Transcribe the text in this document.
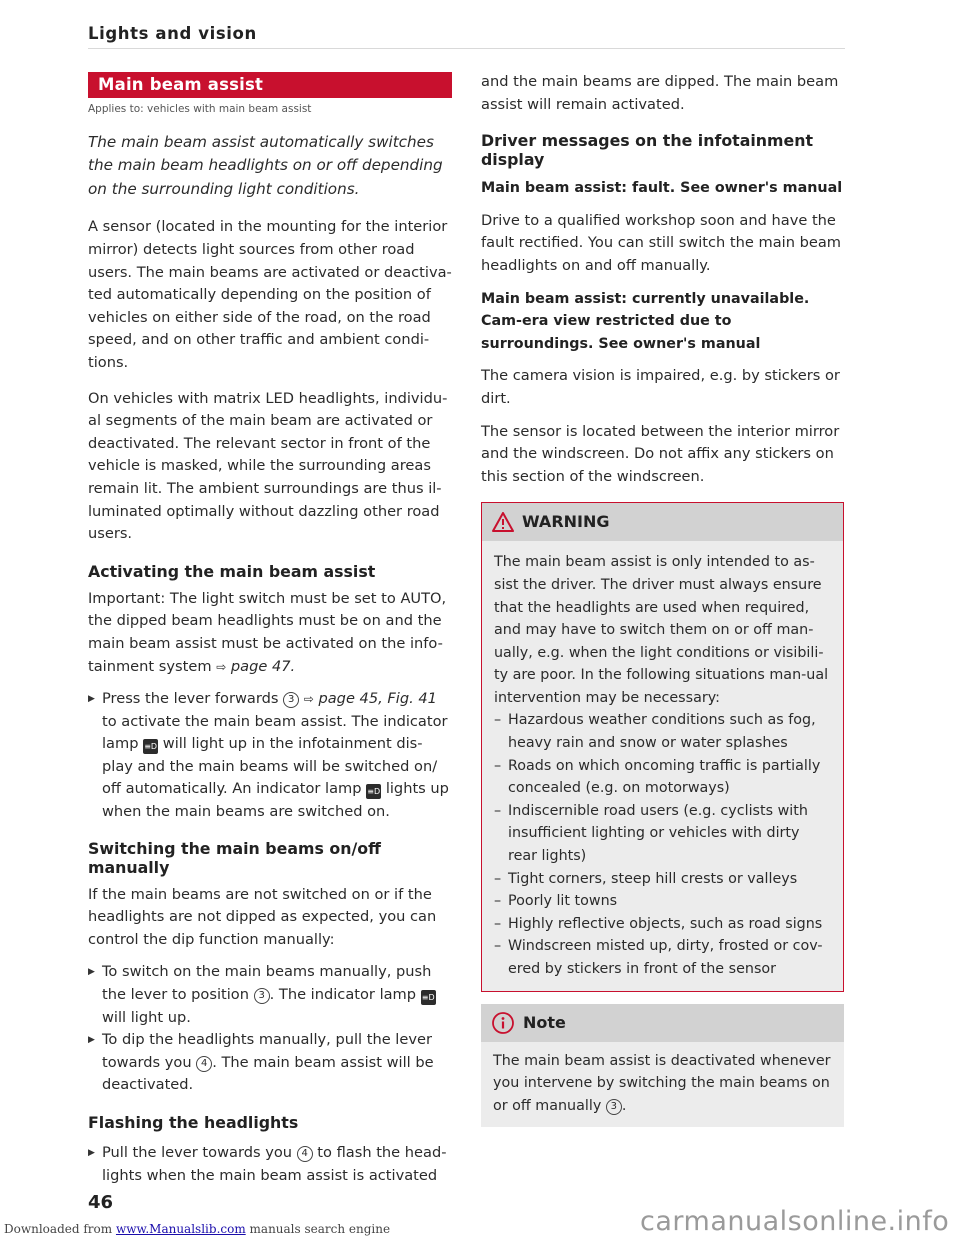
Lights and vision
Main beam assist
Applies to: vehicles with main beam assist

The main beam assist automatically switches the main beam headlights on or off depending on the surrounding light conditions.

A sensor (located in the mounting for the interior mirror) detects light sources from other road users. The main beams are activated or deactiva-ted automatically depending on the position of vehicles on either side of the road, on the road speed, and on other traffic and ambient condi-tions.

On vehicles with matrix LED headlights, individu-al segments of the main beam are activated or deactivated. The relevant sector in front of the vehicle is masked, while the surrounding areas remain lit. The ambient surroundings are thus il-luminated optimally without dazzling other road users.

Activating the main beam assist

Important: The light switch must be set to AUTO, the dipped beam headlights must be on and the main beam assist must be activated on the info-tainment system ⇨ page 47.

▶ Press the lever forwards 3 ⇨ page 45, Fig. 41 to activate the main beam assist. The indicator lamp ≡D will light up in the infotainment dis-play and the main beams will be switched on/ off automatically. An indicator lamp ≡D lights up when the main beams are switched on.

Switching the main beams on/off manually

If the main beams are not switched on or if the headlights are not dipped as expected, you can control the dip function manually:

▶ To switch on the main beams manually, push the lever to position 3 . The indicator lamp ≡D will light up.

▶ To dip the headlights manually, pull the lever towards you 4 . The main beam assist will be deactivated.

Flashing the headlights

▶ Pull the lever towards you 4 to flash the head-lights when the main beam assist is activated

and the main beams are dipped. The main beam assist will remain activated.

Driver messages on the infotainment display
Main beam assist: fault. See owner's manual

Drive to a qualified workshop soon and have the fault rectified. You can still switch the main beam headlights on and off manually.

Main beam assist: currently unavailable. Cam-era view restricted due to surroundings. See owner's manual

The camera vision is impaired, e.g. by stickers or dirt.

The sensor is located between the interior mirror and the windscreen. Do not affix any stickers on this section of the windscreen.

WARNING
The main beam assist is only intended to as-sist the driver. The driver must always ensure that the headlights are used when required, and may have to switch them on or off man-ually, e.g. when the light conditions or visibili-ty are poor. In the following situations man-ual intervention may be necessary:
– Hazardous weather conditions such as fog, heavy rain and snow or water splashes
– Roads on which oncoming traffic is partially concealed (e.g. on motorways)
– Indiscernible road users (e.g. cyclists with insufficient lighting or vehicles with dirty rear lights)
– Tight corners, steep hill crests or valleys
– Poorly lit towns
– Highly reflective objects, such as road signs
– Windscreen misted up, dirty, frosted or cov-ered by stickers in front of the sensor
Note
The main beam assist is deactivated whenever you intervene by switching the main beams on or off manually 3 .
46
Downloaded from www.Manualslib.com manuals search engine	carmanualsonline.info
